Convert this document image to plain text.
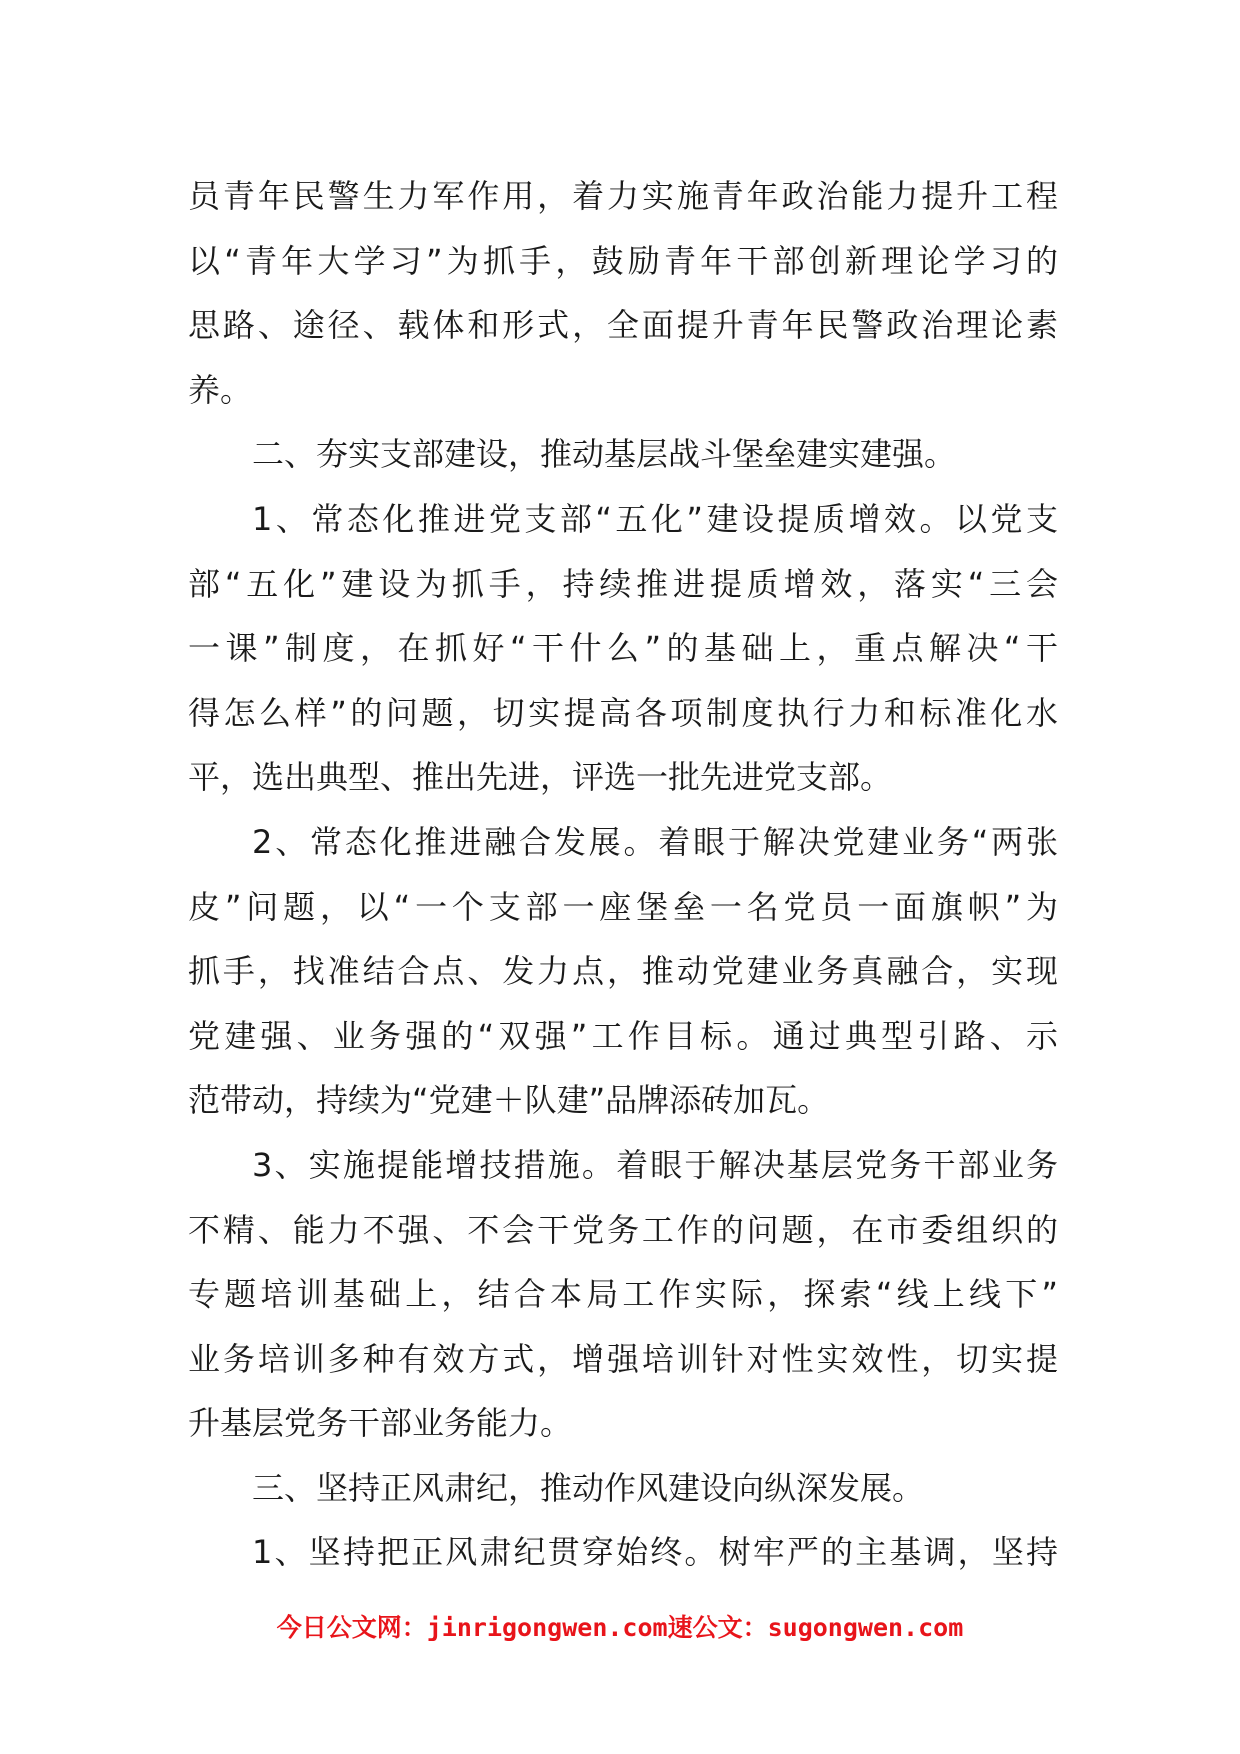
员青年民警生力军作用，着力实施青年政治能力提升工程
以“青年大学习”为抓手，鼓励青年干部创新理论学习的
思路、途径、载体和形式，全面提升青年民警政治理论素
养。
二、夯实支部建设，推动基层战斗堡垒建实建强。
1、常态化推进党支部“五化”建设提质增效。以党支
部“五化”建设为抓手，持续推进提质增效，落实“三会
一课”制度，在抓好“干什么”的基础上，重点解决“干
得怎么样”的问题，切实提高各项制度执行力和标准化水
平，选出典型、推出先进，评选一批先进党支部。
2、常态化推进融合发展。着眼于解决党建业务“两张
皮”问题，以“一个支部一座堡垒一名党员一面旗帜”为
抓手，找准结合点、发力点，推动党建业务真融合，实现
党建强、业务强的“双强”工作目标。通过典型引路、示
范带动，持续为“党建＋队建”品牌添砖加瓦。
3、实施提能增技措施。着眼于解决基层党务干部业务
不精、能力不强、不会干党务工作的问题，在市委组织的
专题培训基础上，结合本局工作实际，探索“线上线下”
业务培训多种有效方式，增强培训针对性实效性，切实提
升基层党务干部业务能力。
三、坚持正风肃纪，推动作风建设向纵深发展。
1、坚持把正风肃纪贯穿始终。树牢严的主基调，坚持
今日公文网：jinrigongwen.com速公文：sugongwen.com
